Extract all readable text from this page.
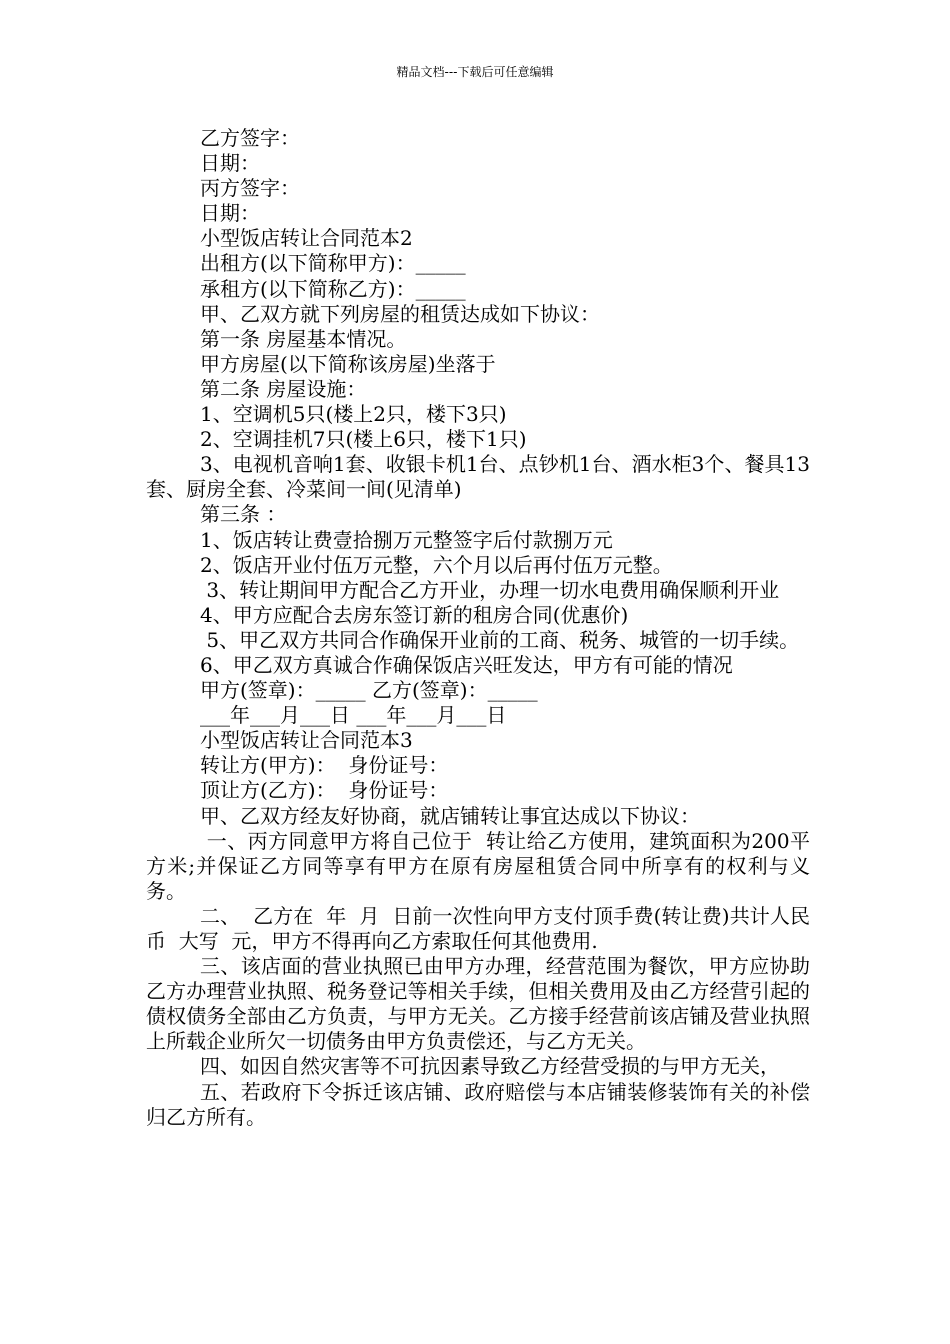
精品文档---下载后可任意编辑

乙方签字：

日期：

丙方签字：

日期：

小型饭店转让合同范本2

出租方(以下简称甲方)：_____

承租方(以下简称乙方)：_____

甲、乙双方就下列房屋的租赁达成如下协议：

第一条 房屋基本情况。

甲方房屋(以下简称该房屋)坐落于

第二条 房屋设施：

1、空调机5只(楼上2只，楼下3只)

2、空调挂机7只(楼上6只，楼下1只)

3、电视机音响1套、收银卡机1台、点钞机1台、酒水柜3个、餐具13套、厨房全套、冷菜间一间(见清单)

第三条 ：

1、饭店转让费壹拾捌万元整签字后付款捌万元

2、饭店开业付伍万元整，六个月以后再付伍万元整。

3、转让期间甲方配合乙方开业，办理一切水电费用确保顺利开业

4、甲方应配合去房东签订新的租房合同(优惠价)

5、甲乙双方共同合作确保开业前的工商、税务、城管的一切手续。

6、甲乙双方真诚合作确保饭店兴旺发达，甲方有可能的情况

甲方(签章)：_____ 乙方(签章)：_____

___年___月___日 ___年___月___日

小型饭店转让合同范本3

转让方(甲方)：  身份证号：

顶让方(乙方)：  身份证号：

甲、乙双方经友好协商，就店铺转让事宜达成以下协议：

一、丙方同意甲方将自己位于  转让给乙方使用，建筑面积为200平方米;并保证乙方同等享有甲方在原有房屋租赁合同中所享有的权利与义务。

二、  乙方在  年  月  日前一次性向甲方支付顶手费(转让费)共计人民币  大写  元，甲方不得再向乙方索取任何其他费用.

三、该店面的营业执照已由甲方办理，经营范围为餐饮，甲方应协助乙方办理营业执照、税务登记等相关手续，但相关费用及由乙方经营引起的债权债务全部由乙方负责，与甲方无关。乙方接手经营前该店铺及营业执照上所载企业所欠一切债务由甲方负责偿还，与乙方无关。

四、如因自然灾害等不可抗因素导致乙方经营受损的与甲方无关，

五、若政府下令拆迁该店铺、政府赔偿与本店铺装修装饰有关的补偿归乙方所有。
